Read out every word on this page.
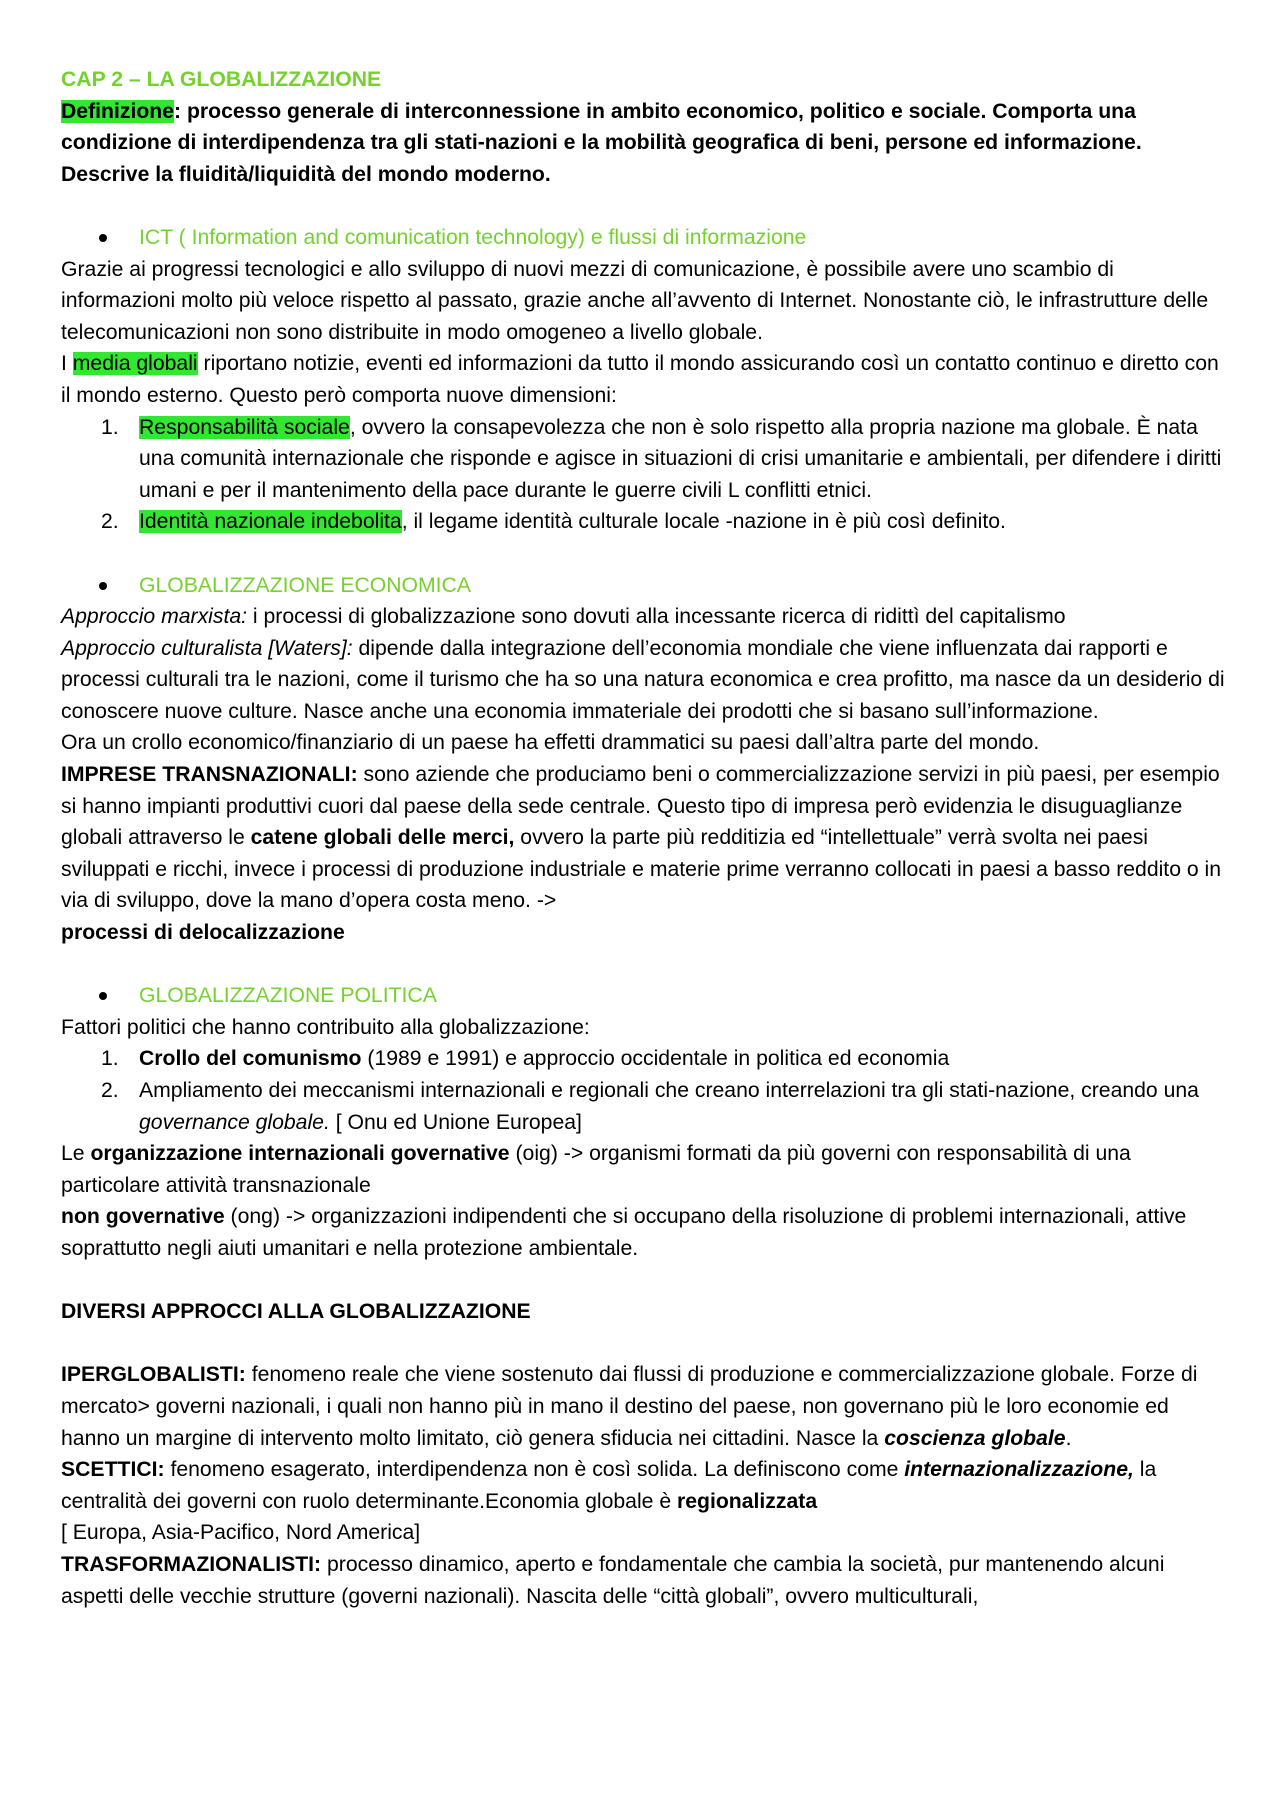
CAP 2 – LA GLOBALIZZAZIONE

Definizione: processo generale di interconnessione in ambito economico, politico e sociale. Comporta una condizione di interdipendenza tra gli stati-nazioni e la mobilità geografica di beni, persone ed informazione. Descrive la fluidità/liquidità del mondo moderno.

ICT ( Information and comunication technology) e flussi di informazione

Grazie ai progressi tecnologici e allo sviluppo di nuovi mezzi di comunicazione, è possibile avere uno scambio di informazioni molto più veloce rispetto al passato, grazie anche all’avvento di Internet. Nonostante ciò, le infrastrutture delle telecomunicazioni non sono distribuite in modo omogeneo a livello globale.

I media globali riportano notizie, eventi ed informazioni da tutto il mondo assicurando così un contatto continuo e diretto con il mondo esterno. Questo però comporta nuove dimensioni:

1. Responsabilità sociale, ovvero la consapevolezza che non è solo rispetto alla propria nazione ma globale. È nata una comunità internazionale che risponde e agisce in situazioni di crisi umanitarie e ambientali, per difendere i diritti umani e per il mantenimento della pace durante le guerre civili L conflitti etnici.
2. Identità nazionale indebolita, il legame identità culturale locale -nazione in è più così definito.

GLOBALIZZAZIONE ECONOMICA

Approccio marxista: i processi di globalizzazione sono dovuti alla incessante ricerca di ridittì del capitalismo

Approccio culturalista [Waters]: dipende dalla integrazione dell’economia mondiale che viene influenzata dai rapporti e processi culturali tra le nazioni, come il turismo che ha so una natura economica e crea profitto, ma nasce da un desiderio di conoscere nuove culture. Nasce anche una economia immateriale dei prodotti che si basano sull’informazione.

Ora un crollo economico/finanziario di un paese ha effetti drammatici su paesi dall’altra parte del mondo.

IMPRESE TRANSNAZIONALI: sono aziende che produciamo beni o commercializzazione servizi in più paesi, per esempio si hanno impianti produttivi cuori dal paese della sede centrale. Questo tipo di impresa però evidenzia le disuguaglianze globali attraverso le catene globali delle merci, ovvero la parte più redditizia ed “intellettuale” verrà svolta nei paesi sviluppati e ricchi, invece i processi di produzione industriale e materie prime verranno collocati in paesi a basso reddito o in via di sviluppo, dove la mano d’opera costa meno. ->

processi di delocalizzazione

GLOBALIZZAZIONE POLITICA

Fattori politici che hanno contribuito alla globalizzazione:

1. Crollo del comunismo (1989 e 1991) e approccio occidentale in politica ed economia
2. Ampliamento dei meccanismi internazionali e regionali che creano interrelazioni tra gli stati-nazione, creando una governance globale. [ Onu ed Unione Europea]

Le organizzazione internazionali governative (oig) -> organismi formati da più governi con responsabilità di una particolare attività transnazionale

non governative (ong) -> organizzazioni indipendenti che si occupano della risoluzione di problemi internazionali, attive soprattutto negli aiuti umanitari e nella protezione ambientale.

DIVERSI APPROCCI ALLA GLOBALIZZAZIONE

IPERGLOBALISTI: fenomeno reale che viene sostenuto dai flussi di produzione e commercializzazione globale. Forze di mercato> governi nazionali, i quali non hanno più in mano il destino del paese, non governano più le loro economie ed hanno un margine di intervento molto limitato, ciò genera sfiducia nei cittadini. Nasce la coscienza globale.

SCETTICI: fenomeno esagerato, interdipendenza non è così solida. La definiscono come internazionalizzazione, la centralità dei governi con ruolo determinante.Economia globale è regionalizzata

[ Europa, Asia-Pacifico, Nord America]

TRASFORMAZIONALISTI: processo dinamico, aperto e fondamentale che cambia la società, pur mantenendo alcuni aspetti delle vecchie strutture (governi nazionali). Nascita delle “città globali”, ovvero multiculturali,
